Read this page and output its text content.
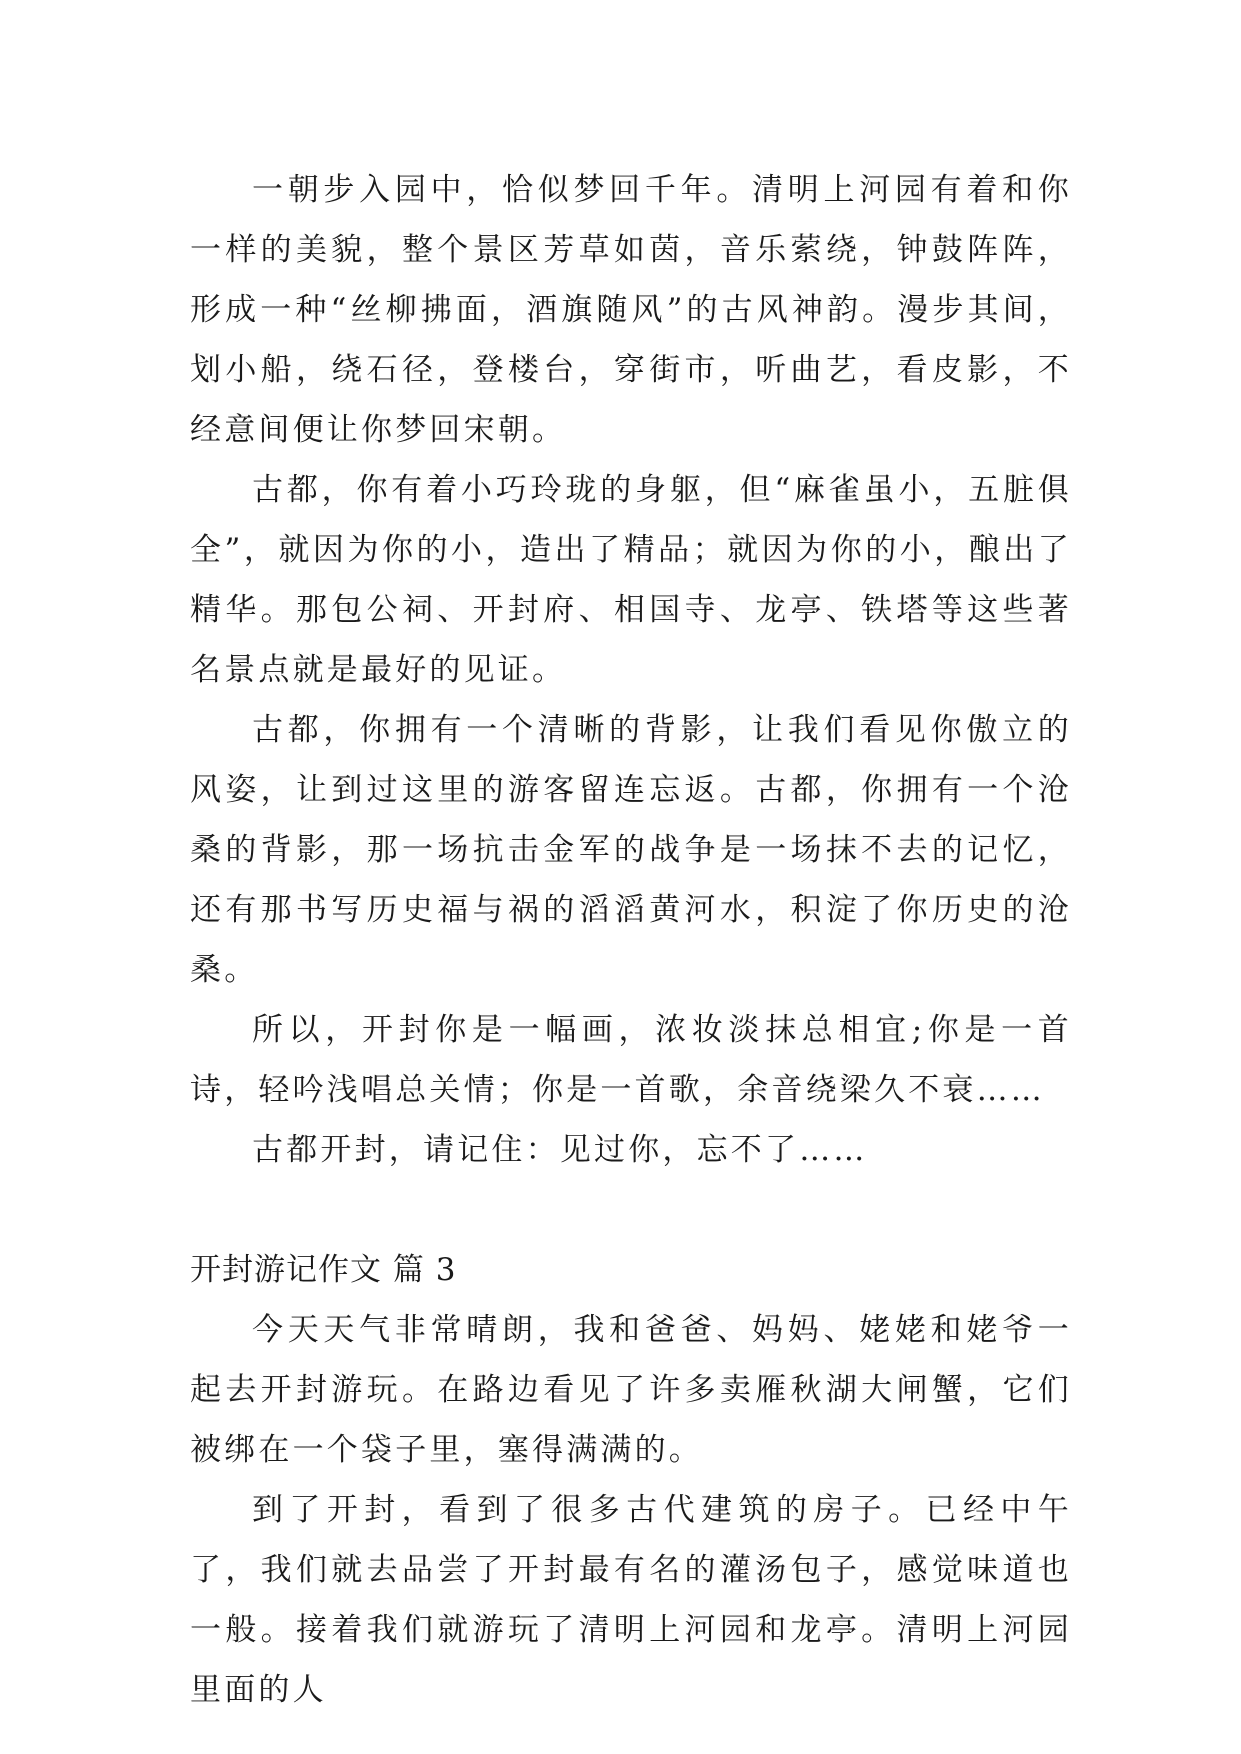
一朝步入园中，恰似梦回千年。清明上河园有着和你一样的美貌，整个景区芳草如茵，音乐萦绕，钟鼓阵阵，形成一种“丝柳拂面，酒旗随风”的古风神韵。漫步其间，划小船，绕石径，登楼台，穿街市，听曲艺，看皮影，不经意间便让你梦回宋朝。

古都，你有着小巧玲珑的身躯，但“麻雀虽小，五脏俱全”，就因为你的小，造出了精品；就因为你的小，酿出了精华。那包公祠、开封府、相国寺、龙亭、铁塔等这些著名景点就是最好的见证。

古都，你拥有一个清晰的背影，让我们看见你傲立的风姿，让到过这里的游客留连忘返。古都，你拥有一个沧桑的背影，那一场抗击金军的战争是一场抹不去的记忆，还有那书写历史福与祸的滔滔黄河水，积淀了你历史的沧桑。

所以，开封你是一幅画，浓妆淡抹总相宜;你是一首诗，轻吟浅唱总关情；你是一首歌，余音绕梁久不衰……

古都开封，请记住：见过你，忘不了……

开封游记作文 篇 3

今天天气非常晴朗，我和爸爸、妈妈、姥姥和姥爷一起去开封游玩。在路边看见了许多卖雁秋湖大闸蟹，它们被绑在一个袋子里，塞得满满的。

到了开封，看到了很多古代建筑的房子。已经中午了，我们就去品尝了开封最有名的灌汤包子，感觉味道也一般。接着我们就游玩了清明上河园和龙亭。清明上河园里面的人
